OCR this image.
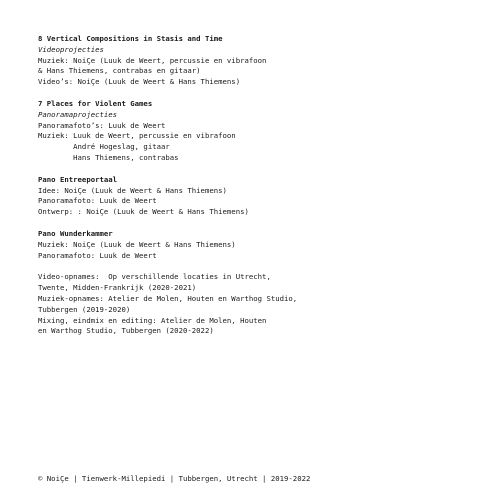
8 Vertical Compositions in Stasis and Time
Videoprojecties
Muziek: NoiÇe (Luuk de Weert, percussie en vibrafoon
& Hans Thiemens, contrabas en gitaar)
Video’s: NoiÇe (Luuk de Weert & Hans Thiemens)
7 Places for Violent Games
Panoramaprojecties
Panoramafoto’s: Luuk de Weert
Muziek: Luuk de Weert, percussie en vibrafoon
André Hogeslag, gitaar
Hans Thiemens, contrabas
Pano Entreeportaal
Idee: NoiÇe (Luuk de Weert & Hans Thiemens)
Panoramafoto: Luuk de Weert
Ontwerp: : NoiÇe (Luuk de Weert & Hans Thiemens)
Pano Wunderkammer
Muziek: NoiÇe (Luuk de Weert & Hans Thiemens)
Panoramafoto: Luuk de Weert
Video-opnames:  Op verschillende locaties in Utrecht,
Twente, Midden-Frankrijk (2020-2021)
Muziek-opnames: Atelier de Molen, Houten en Warthog Studio,
Tubbergen (2019-2020)
Mixing, eindmix en editing: Atelier de Molen, Houten
en Warthog Studio, Tubbergen (2020-2022)
© NoiÇe | Tienwerk-Millepiedi | Tubbergen, Utrecht | 2019-2022
